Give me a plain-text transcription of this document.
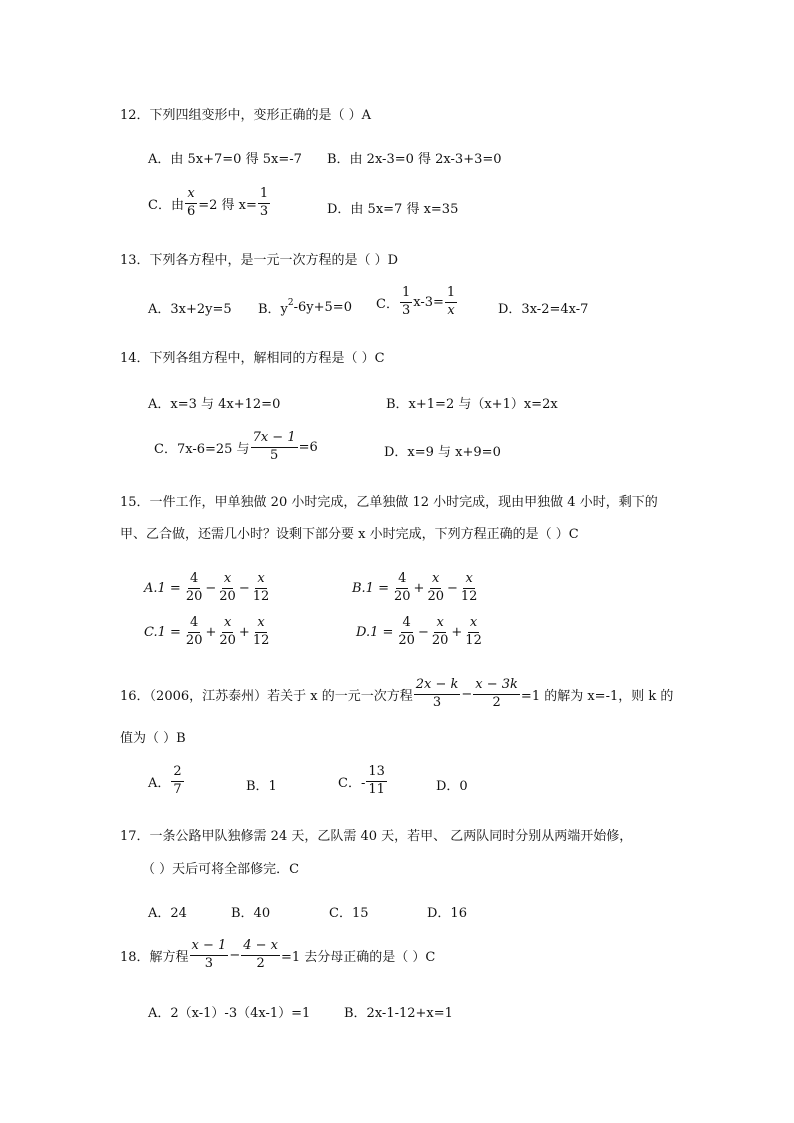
12．下列四组变形中，变形正确的是（ ）A
A．由 5x+7=0 得 5x=-7 B．由 2x-3=0 得 2x-3+3=0
C．由 $\frac{x}{6} =2$ 得 $x= \frac{1}{3}$	D．由 5x=7 得 x=35
13．下列各方程中，是一元一次方程的是（ ）D
A．3x+2y=5 B．y 2 -6y+5=0 C． $\frac{1}{3} x-3= \frac{1}{x}$	D．3x-2=4x-7
14．下列各组方程中，解相同的方程是（ ）C
A．x=3 与 4x+12=0	B．x+1=2 与（x+1）x=2x
C．7x-6=25 与 $\frac{7x - 1}{5} =6$	D．x=9 与 x+9=0
15．一件工作，甲单独做 20 小时完成，乙单独做 12 小时完成，现由甲独做 4 小时，剩下的
甲、乙合做，还需几小时？设剩下部分要 x 小时完成，下列方程正确的是（ ）C
$A.1 = \frac{4}{20} - \frac{x}{20} - \frac{x}{12}$	$B.1 = \frac{4}{20} + \frac{x}{20} - \frac{x}{12}$
$C.1 = \frac{4}{20} + \frac{x}{20} + \frac{x}{12}$	$D.1 = \frac{4}{20} - \frac{x}{20} + \frac{x}{12}$
16．（2006，江苏泰州）若关于 x 的一元一次方程 $\frac{2x - k}{3} - \frac{x - 3k}{2} =1$ 的解为 x=-1，则 k 的
值为（ ）B
A． $\frac{2}{7}$	B．1	C．- $\frac{13}{11}$	D．0
17．一条公路甲队独修需 24 天，乙队需 40 天，若甲、 乙两队同时分别从两端开始修，
（ ）天后可将全部修完．C
A．24	B．40	C．15	D．16
18．解方程 $\frac{x - 1}{3} - \frac{4 - x}{2} =1$ 去分母正确的是（ ）C
A．2（x-1）-3（4x-1）=1	B．2x-1-12+x=1
